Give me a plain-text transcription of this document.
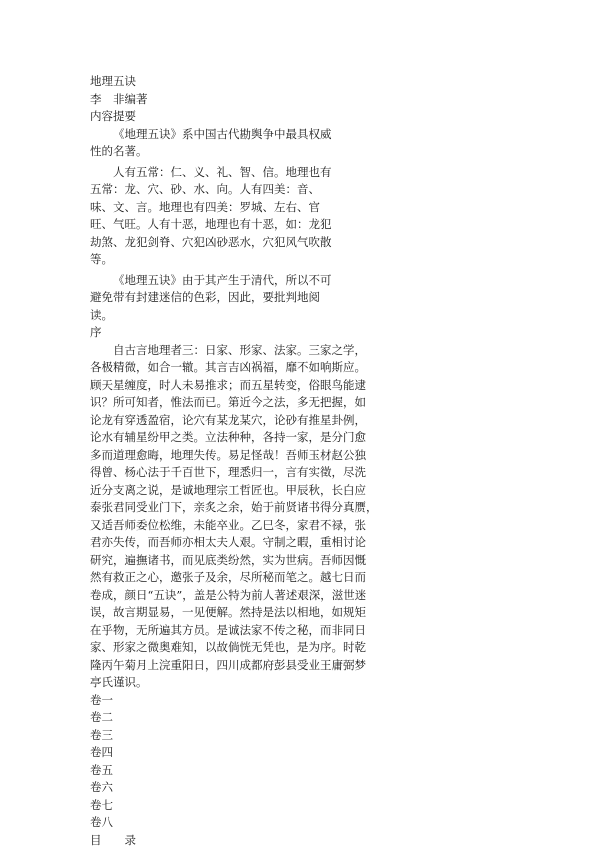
地理五诀
李　非编著
内容提要
《地理五诀》系中国古代勘舆争中最具权威
性的名著。
人有五常：仁、义、礼、智、信。地理也有
五常：龙、穴、砂、水、向。人有四美：音、
味、文、言。地理也有四美：罗城、左右、官
旺、气旺。人有十恶，地理也有十恶，如：龙犯
劫煞、龙犯剑脊、穴犯凶砂恶水，穴犯风气吹散
等。
《地理五诀》由于其产生于清代，所以不可
避免带有封建迷信的色彩，因此，要批判地阅
读。
序
自古言地理者三：日家、形家、法家。三家之学，
各极精微，如合一辙。其言吉凶祸福，靡不如响斯应。
顾天星缠度，时人未易推求；而五星转变，俗眼鸟能逮
识？所可知者，惟法而已。第近今之法，多无把握，如
论龙有穿透盈宿，论穴有某龙某穴，论砂有推星卦例，
论水有辅星纷甲之类。立法种种，各持一家，是分门愈
多而道理愈晦，地理失传。易足怪哉！吾师玉材赵公独
得曾、杨心法于千百世下，理悉归一，言有实徵，尽洗
近分支离之说，是诚地理宗工哲匠也。甲辰秋，长白应
泰张君同受业门下，亲炙之余，始于前贤诸书得分真赝，
又适吾师委位松维，未能卒业。乙巳冬，家君不禄，张
君亦失传，而吾师亦相太夫人艰。守制之暇，重相讨论
研究，遍撫诸书，而见底类纷然，实为世病。吾师因慨
然有救正之心，邀张子及余，尽所秘而笔之。越七日而
卷成，颜日“五诀”，盖是公特为前人著述艰深，滋世迷
误，故言期显易，一见便解。然持是法以相地，如规矩
在乎物，无所遍其方员。是诚法家不传之秘，而非同日
家、形家之微奥难知，以故倘恍无凭也，是为序。时乾
隆丙午菊月上浣重阳日，四川成都府彭县受业王庸弼梦
亭氏谨识。
卷一
卷二
卷三
卷四
卷五
卷六
卷七
卷八
目　　录
